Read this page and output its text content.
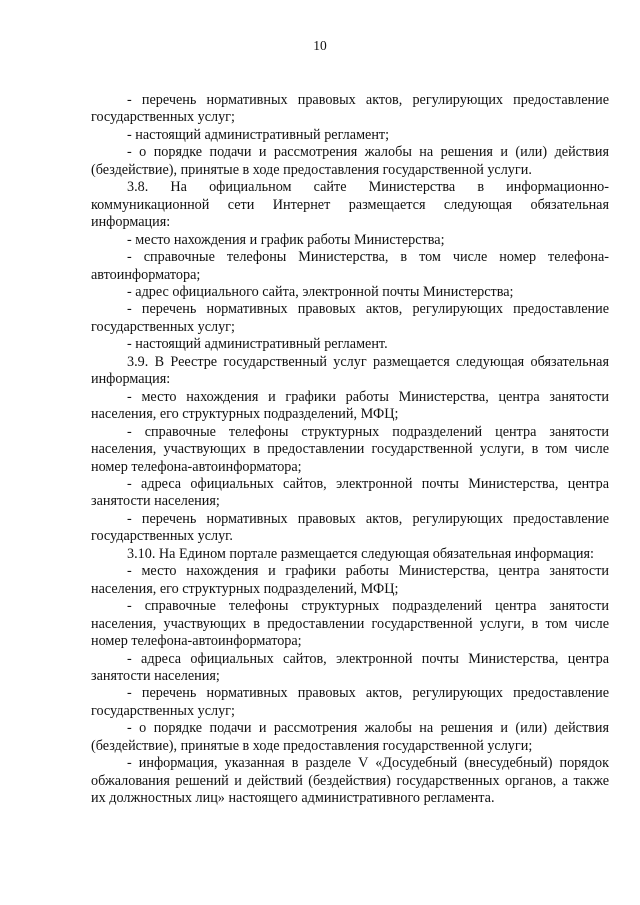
10

- перечень нормативных правовых актов, регулирующих предоставление государственных услуг;

- настоящий административный регламент;

- о порядке подачи и рассмотрения жалобы на решения и (или) действия (бездействие), принятые в ходе предоставления государственной услуги.

3.8. На официальном сайте Министерства в информационно-коммуникационной сети Интернет размещается следующая обязательная информация:

- место нахождения и график работы Министерства;

- справочные телефоны Министерства, в том числе номер телефона-автоинформатора;

- адрес официального сайта, электронной почты Министерства;

- перечень нормативных правовых актов, регулирующих предоставление государственных услуг;

- настоящий административный регламент.

3.9. В Реестре государственный услуг размещается следующая обязательная информация:

- место нахождения и графики работы Министерства, центра занятости населения, его структурных подразделений, МФЦ;

- справочные телефоны структурных подразделений центра занятости населения, участвующих в предоставлении государственной услуги, в том числе номер телефона-автоинформатора;

- адреса официальных сайтов, электронной почты Министерства, центра занятости населения;

- перечень нормативных правовых актов, регулирующих предоставление государственных услуг.

3.10. На Едином портале размещается следующая обязательная информация:

- место нахождения и графики работы Министерства, центра занятости населения, его структурных подразделений, МФЦ;

- справочные телефоны структурных подразделений центра занятости населения, участвующих в предоставлении государственной услуги, в том числе номер телефона-автоинформатора;

- адреса официальных сайтов, электронной почты Министерства, центра занятости населения;

- перечень нормативных правовых актов, регулирующих предоставление государственных услуг;

- о порядке подачи и рассмотрения жалобы на решения и (или) действия (бездействие), принятые в ходе предоставления государственной услуги;

- информация, указанная в разделе V «Досудебный (внесудебный) порядок обжалования решений и действий (бездействия) государственных органов, а также их должностных лиц» настоящего административного регламента.
